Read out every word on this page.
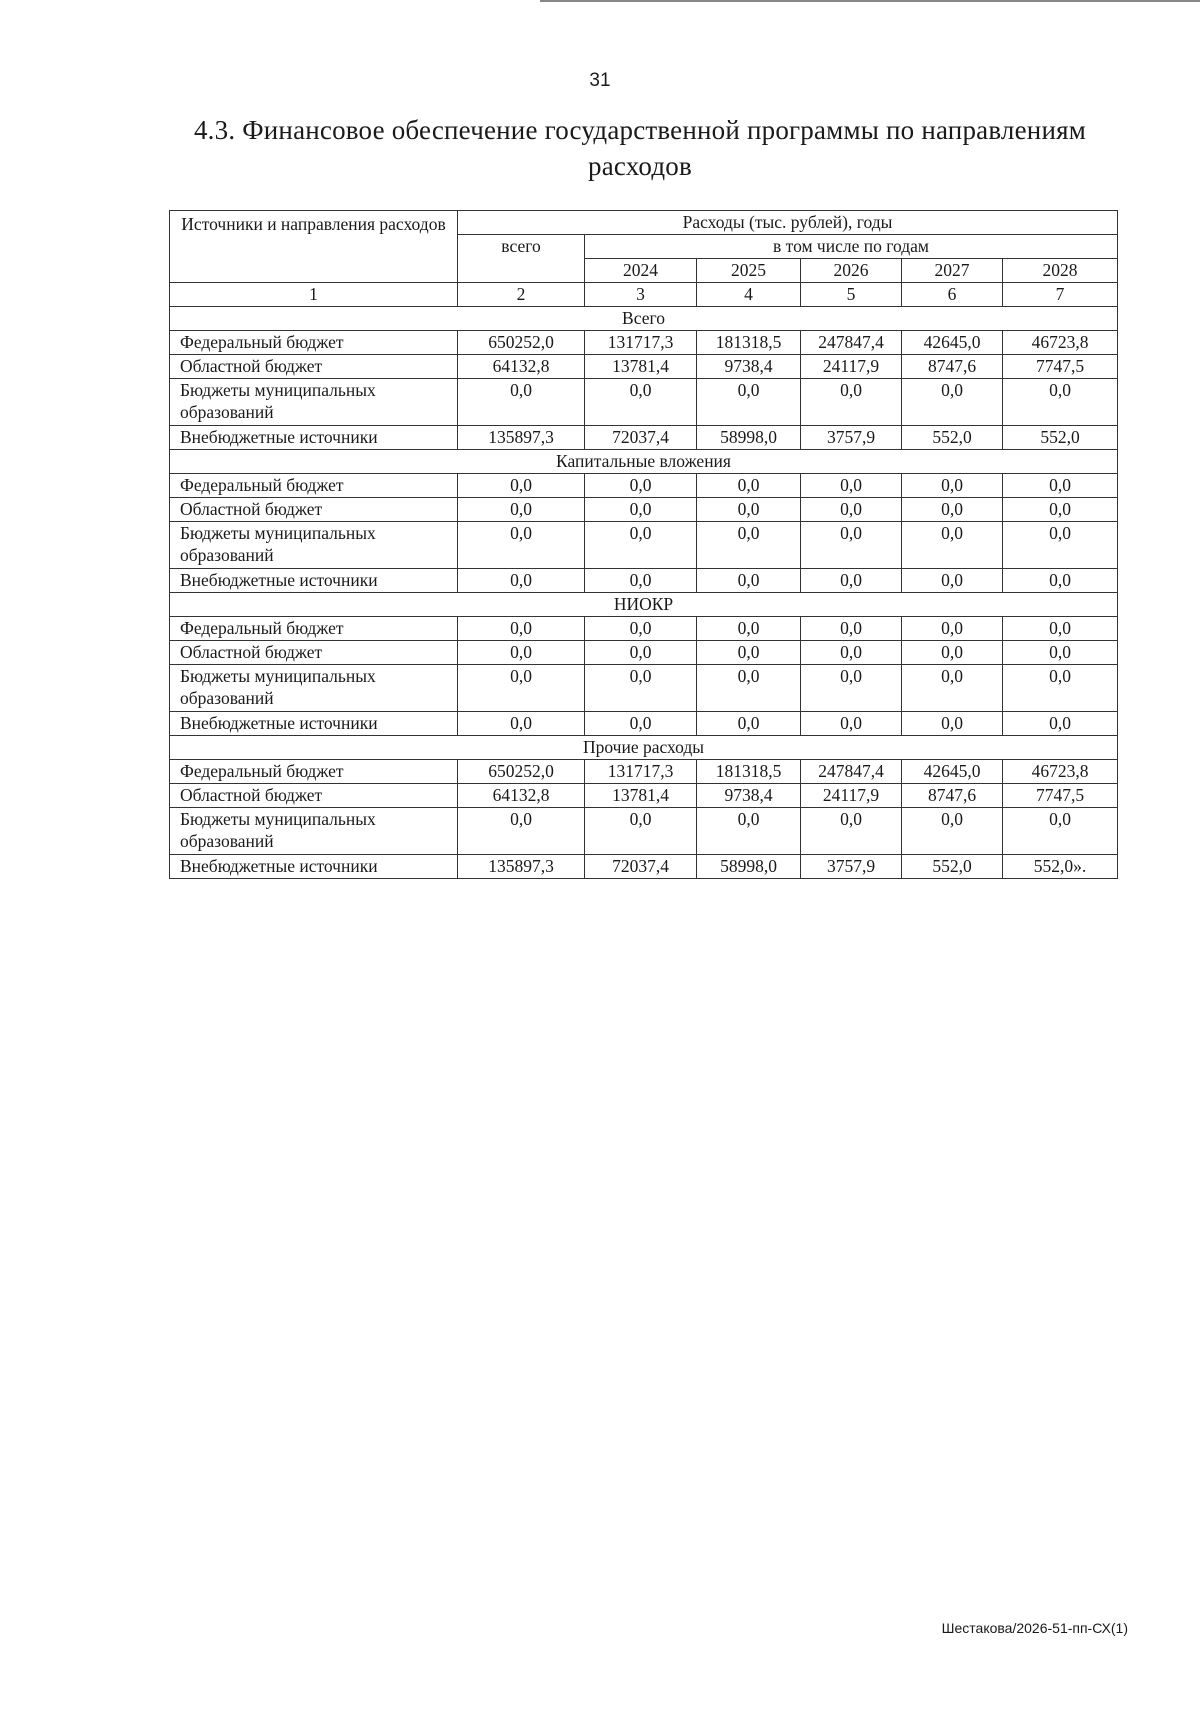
31
4.3. Финансовое обеспечение государственной программы по направлениям расходов
Источники и направления расходов	Расходы (тыс. рублей), годы					
	всего	в том числе по годам				
		2024	2025	2026	2027	2028
1	2	3	4	5	6	7
Всего						
Федеральный бюджет	650252,0	131717,3	181318,5	247847,4	42645,0	46723,8
Областной бюджет	64132,8	13781,4	9738,4	24117,9	8747,6	7747,5
Бюджеты муниципальных образований	0,0	0,0	0,0	0,0	0,0	0,0
Внебюджетные источники	135897,3	72037,4	58998,0	3757,9	552,0	552,0
Капитальные вложения						
Федеральный бюджет	0,0	0,0	0,0	0,0	0,0	0,0
Областной бюджет	0,0	0,0	0,0	0,0	0,0	0,0
Бюджеты муниципальных образований	0,0	0,0	0,0	0,0	0,0	0,0
Внебюджетные источники	0,0	0,0	0,0	0,0	0,0	0,0
НИОКР						
Федеральный бюджет	0,0	0,0	0,0	0,0	0,0	0,0
Областной бюджет	0,0	0,0	0,0	0,0	0,0	0,0
Бюджеты муниципальных образований	0,0	0,0	0,0	0,0	0,0	0,0
Внебюджетные источники	0,0	0,0	0,0	0,0	0,0	0,0
Прочие расходы						
Федеральный бюджет	650252,0	131717,3	181318,5	247847,4	42645,0	46723,8
Областной бюджет	64132,8	13781,4	9738,4	24117,9	8747,6	7747,5
Бюджеты муниципальных образований	0,0	0,0	0,0	0,0	0,0	0,0
Внебюджетные источники	135897,3	72037,4	58998,0	3757,9	552,0	552,0».
Шестакова/2026-51-пп-СХ(1)
